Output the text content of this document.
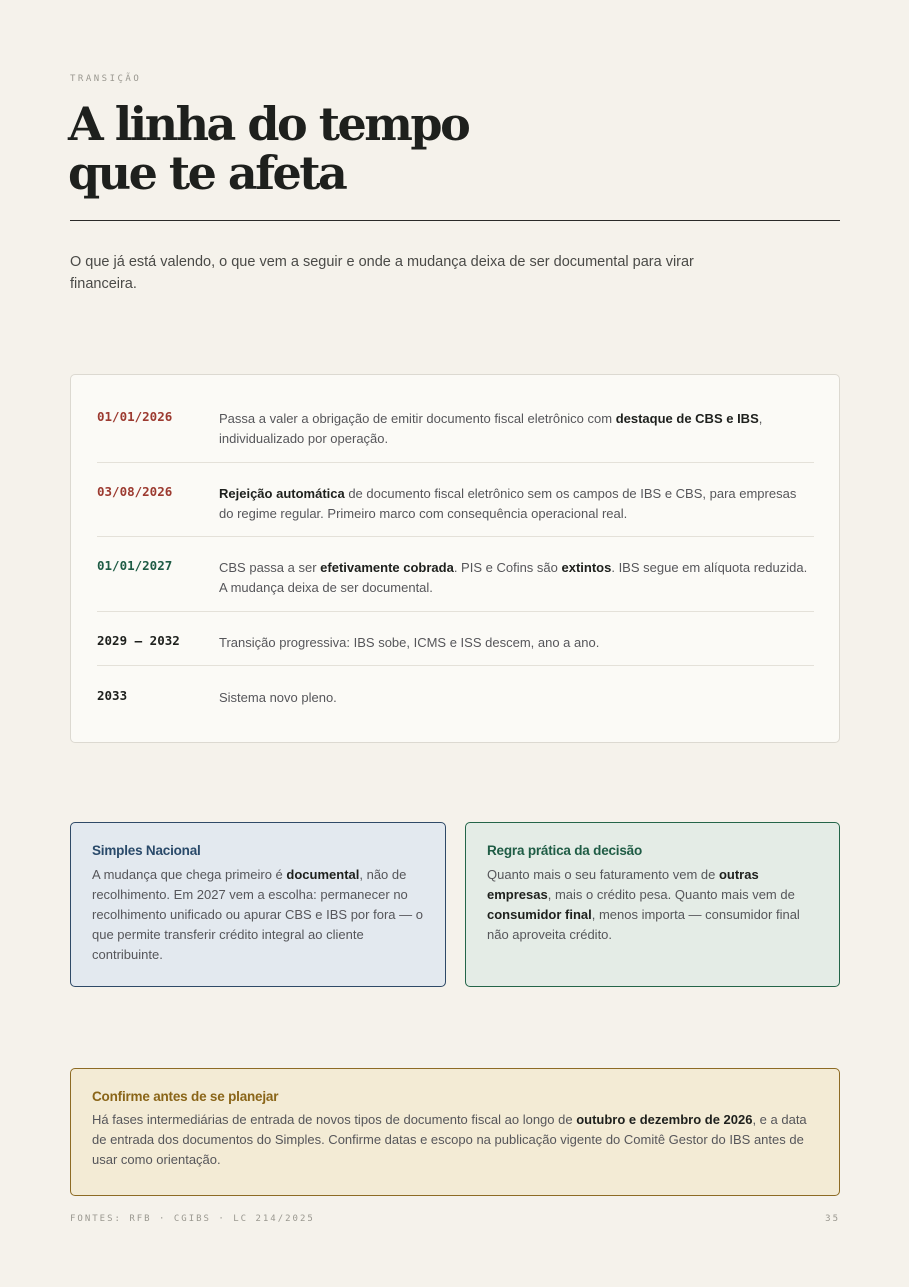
TRANSIÇÃO
A linha do tempo
que te afeta

O que já está valendo, o que vem a seguir e onde a mudança deixa de ser documental para virar financeira.

01/01/2026	Passa a valer a obrigação de emitir documento fiscal eletrônico com destaque de CBS e IBS, individualizado por operação.

03/08/2026	Rejeição automática de documento fiscal eletrônico sem os campos de IBS e CBS, para empresas do regime regular. Primeiro marco com consequência operacional real.

01/01/2027	CBS passa a ser efetivamente cobrada. PIS e Cofins são extintos. IBS segue em alíquota reduzida. A mudança deixa de ser documental.

2029 – 2032	Transição progressiva: IBS sobe, ICMS e ISS descem, ano a ano.

2033	Sistema novo pleno.

Simples Nacional

A mudança que chega primeiro é documental, não de recolhimento. Em 2027 vem a escolha: permanecer no recolhimento unificado ou apurar CBS e IBS por fora — o que permite transferir crédito integral ao cliente contribuinte.

Regra prática da decisão

Quanto mais o seu faturamento vem de outras empresas, mais o crédito pesa. Quanto mais vem de consumidor final, menos importa — consumidor final não aproveita crédito.

Confirme antes de se planejar

Há fases intermediárias de entrada de novos tipos de documento fiscal ao longo de outubro e dezembro de 2026, e a data de entrada dos documentos do Simples. Confirme datas e escopo na publicação vigente do Comitê Gestor do IBS antes de usar como orientação.

FONTES: RFB · CGIBS · LC 214/2025	35
